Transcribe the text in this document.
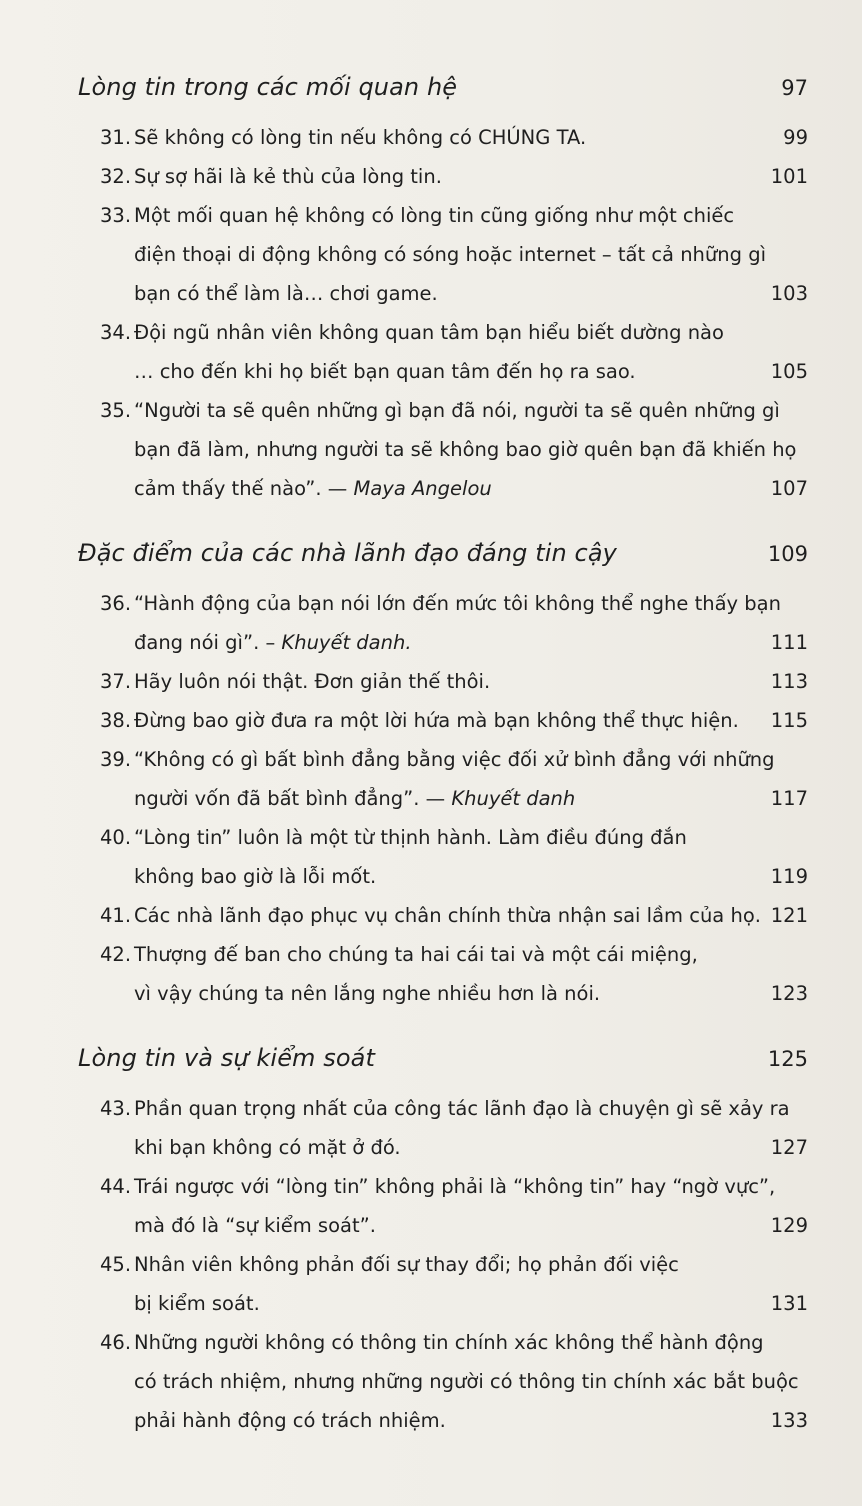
Lòng tin trong các mối quan hệ	97
31. Sẽ không có lòng tin nếu không có CHÚNG TA.	99
32. Sự sợ hãi là kẻ thù của lòng tin.	101
33. Một mối quan hệ không có lòng tin cũng giống như một chiếc
điện thoại di động không có sóng hoặc internet – tất cả những gì
bạn có thể làm là… chơi game.	103
34. Đội ngũ nhân viên không quan tâm bạn hiểu biết dường nào
… cho đến khi họ biết bạn quan tâm đến họ ra sao.	105
35. “Người ta sẽ quên những gì bạn đã nói, người ta sẽ quên những gì
bạn đã làm, nhưng người ta sẽ không bao giờ quên bạn đã khiến họ
cảm thấy thế nào”. — Maya Angelou	107
Đặc điểm của các nhà lãnh đạo đáng tin cậy	109
36. “Hành động của bạn nói lớn đến mức tôi không thể nghe thấy bạn
đang nói gì”. – Khuyết danh.	111
37. Hãy luôn nói thật. Đơn giản thế thôi.	113
38. Đừng bao giờ đưa ra một lời hứa mà bạn không thể thực hiện. 115
39. “Không có gì bất bình đẳng bằng việc đối xử bình đẳng với những
người vốn đã bất bình đẳng”. — Khuyết danh	117
40. “Lòng tin” luôn là một từ thịnh hành. Làm điều đúng đắn
không bao giờ là lỗi mốt.	119
41. Các nhà lãnh đạo phục vụ chân chính thừa nhận sai lầm của họ. 121
42. Thượng đế ban cho chúng ta hai cái tai và một cái miệng,
vì vậy chúng ta nên lắng nghe nhiều hơn là nói.	123
Lòng tin và sự kiểm soát	125
43. Phần quan trọng nhất của công tác lãnh đạo là chuyện gì sẽ xảy ra
khi bạn không có mặt ở đó.	127
44. Trái ngược với “lòng tin” không phải là “không tin” hay “ngờ vực”,
mà đó là “sự kiểm soát”.	129
45. Nhân viên không phản đối sự thay đổi; họ phản đối việc
bị kiểm soát.	131
46. Những người không có thông tin chính xác không thể hành động
có trách nhiệm, nhưng những người có thông tin chính xác bắt buộc
phải hành động có trách nhiệm.	133
